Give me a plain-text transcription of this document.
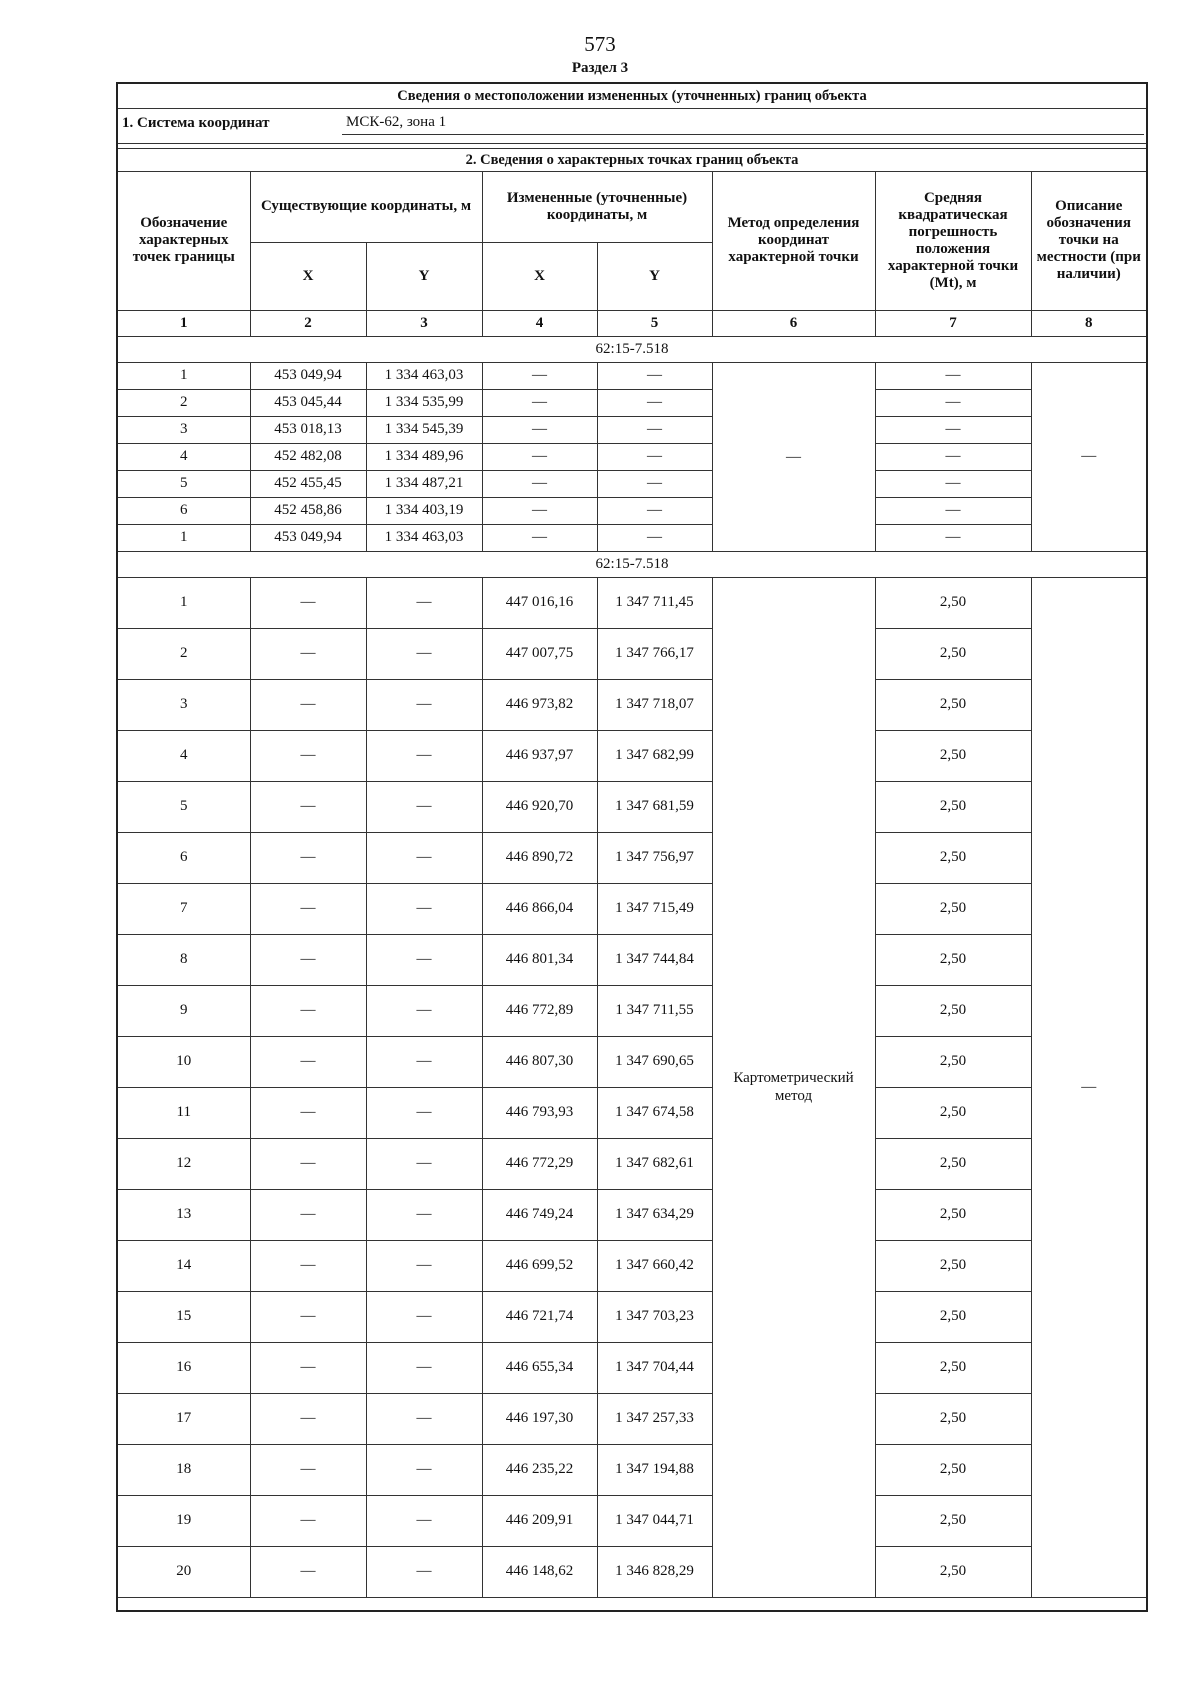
573
Раздел 3
Сведения о местоположении измененных (уточненных) границ объекта
1. Система координат	МСК-62, зона 1
2. Сведения о характерных точках границ объекта
Обозначение характерных точек границы	Существующие координаты, м		Измененные (уточненные) координаты, м		Метод определения координат характерной точки	Средняя квадратическая погрешность положения характерной точки (Mt), м	Описание обозначения точки на местности (при наличии)
	X	Y	X	Y			
1	2	3	4	5	6	7	8
62:15-7.518							
1	453 049,94	1 334 463,03	—	—	—	—	—
2	453 045,44	1 334 535,99	—	—		—	
3	453 018,13	1 334 545,39	—	—		—	
4	452 482,08	1 334 489,96	—	—		—	
5	452 455,45	1 334 487,21	—	—		—	
6	452 458,86	1 334 403,19	—	—		—	
1	453 049,94	1 334 463,03	—	—		—	
62:15-7.518							
1	—	—	447 016,16	1 347 711,45	Картометрический метод	2,50	—
2	—	—	447 007,75	1 347 766,17		2,50	
3	—	—	446 973,82	1 347 718,07		2,50	
4	—	—	446 937,97	1 347 682,99		2,50	
5	—	—	446 920,70	1 347 681,59		2,50	
6	—	—	446 890,72	1 347 756,97		2,50	
7	—	—	446 866,04	1 347 715,49		2,50	
8	—	—	446 801,34	1 347 744,84		2,50	
9	—	—	446 772,89	1 347 711,55		2,50	
10	—	—	446 807,30	1 347 690,65		2,50	
11	—	—	446 793,93	1 347 674,58		2,50	
12	—	—	446 772,29	1 347 682,61		2,50	
13	—	—	446 749,24	1 347 634,29		2,50	
14	—	—	446 699,52	1 347 660,42		2,50	
15	—	—	446 721,74	1 347 703,23		2,50	
16	—	—	446 655,34	1 347 704,44		2,50	
17	—	—	446 197,30	1 347 257,33		2,50	
18	—	—	446 235,22	1 347 194,88		2,50	
19	—	—	446 209,91	1 347 044,71		2,50	
20	—	—	446 148,62	1 346 828,29		2,50	
